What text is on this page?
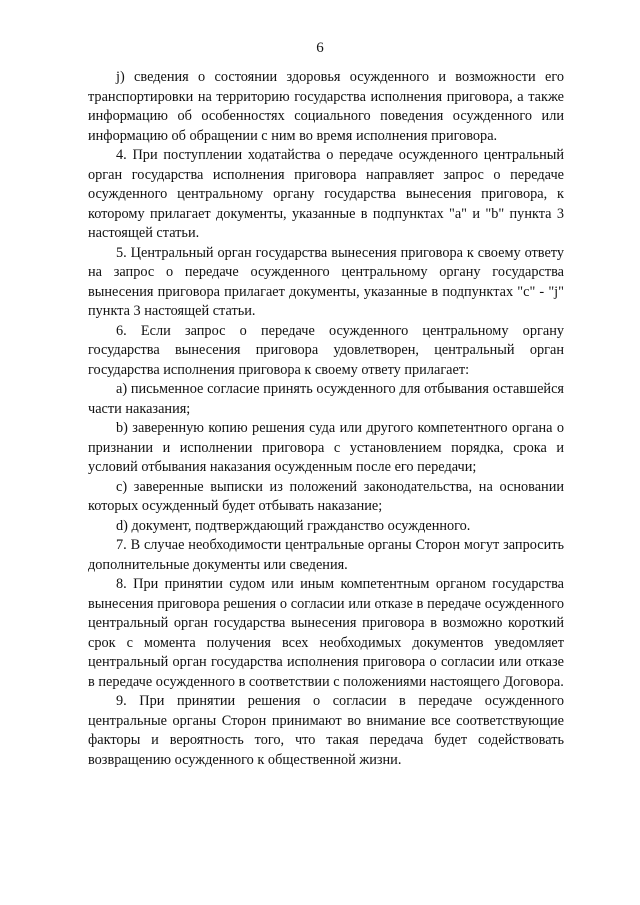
6

j) сведения о состоянии здоровья осужденного и возможности его транспортировки на территорию государства исполнения приговора, а также информацию об особенностях социального поведения осужденного или информацию об обращении с ним во время исполнения приговора.

4. При поступлении ходатайства о передаче осужденного центральный орган государства исполнения приговора направляет запрос о передаче осужденного центральному органу государства вынесения приговора, к которому прилагает документы, указанные в подпунктах "a" и "b" пункта 3 настоящей статьи.

5. Центральный орган государства вынесения приговора к своему ответу на запрос о передаче осужденного центральному органу государства вынесения приговора прилагает документы, указанные в подпунктах "c" - "j" пункта 3 настоящей статьи.

6. Если запрос о передаче осужденного центральному органу государства вынесения приговора удовлетворен, центральный орган государства исполнения приговора к своему ответу прилагает:

a) письменное согласие принять осужденного для отбывания оставшейся части наказания;

b) заверенную копию решения суда или другого компетентного органа о признании и исполнении приговора с установлением порядка, срока и условий отбывания наказания осужденным после его передачи;

c) заверенные выписки из положений законодательства, на основании которых осужденный будет отбывать наказание;

d) документ, подтверждающий гражданство осужденного.

7. В случае необходимости центральные органы Сторон могут запросить дополнительные документы или сведения.

8. При принятии судом или иным компетентным органом государства вынесения приговора решения о согласии или отказе в передаче осужденного центральный орган государства вынесения приговора в возможно короткий срок с момента получения всех необходимых документов уведомляет центральный орган государства исполнения приговора о согласии или отказе в передаче осужденного в соответствии с положениями настоящего Договора.

9. При принятии решения о согласии в передаче осужденного центральные органы Сторон принимают во внимание все соответствующие факторы и вероятность того, что такая передача будет содействовать возвращению осужденного к общественной жизни.
